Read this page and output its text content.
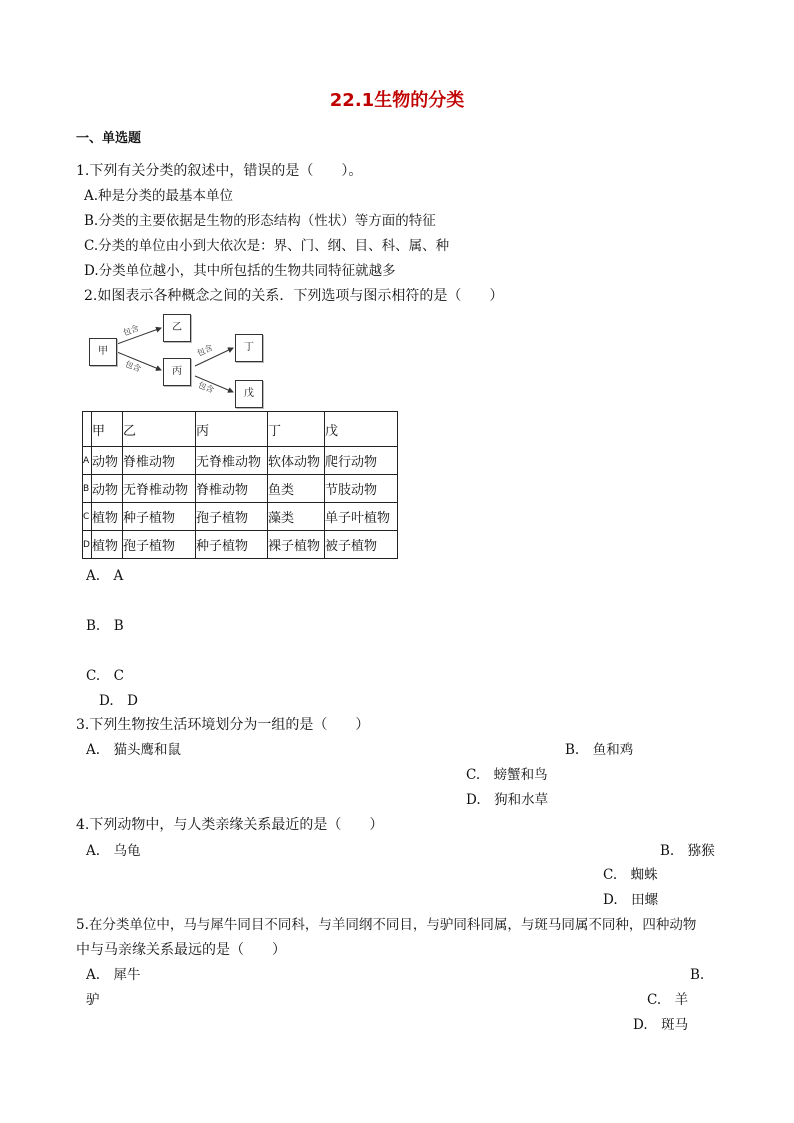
22.1生物的分类
一、单选题
1.下列有关分类的叙述中，错误的是（　　）。
A.种是分类的最基本单位
B.分类的主要依据是生物的形态结构（性状）等方面的特征
C.分类的单位由小到大依次是：界、门、纲、目、科、属、种
D.分类单位越小，其中所包括的生物共同特征就越多
2.如图表示各种概念之间的关系．下列选项与图示相符的是（　　）
甲
乙
丙
丁
戊
包含
包含
包含
包含
	甲	乙	丙	丁	戊
A	动物	脊椎动物	无脊椎动物	软体动物	爬行动物
B	动物	无脊椎动物	脊椎动物	鱼类	节肢动物
C	植物	种子植物	孢子植物	藻类	单子叶植物
D	植物	孢子植物	种子植物	裸子植物	被子植物
A.　A
B.　B
C.　C
D.　D
3.下列生物按生活环境划分为一组的是（　　）
A.　猫头鹰和鼠	B.　鱼和鸡
C.　螃蟹和鸟
D.　狗和水草
4.下列动物中，与人类亲缘关系最近的是（　　）
A.　乌龟	B.　猕猴
C.　蜘蛛
D.　田螺
5.在分类单位中，马与犀牛同目不同科，与羊同纲不同目，与驴同科同属，与斑马同属不同种，四种动物
中与马亲缘关系最远的是（　　）
A.　犀牛	B.
驴	C.　羊
D.　斑马
